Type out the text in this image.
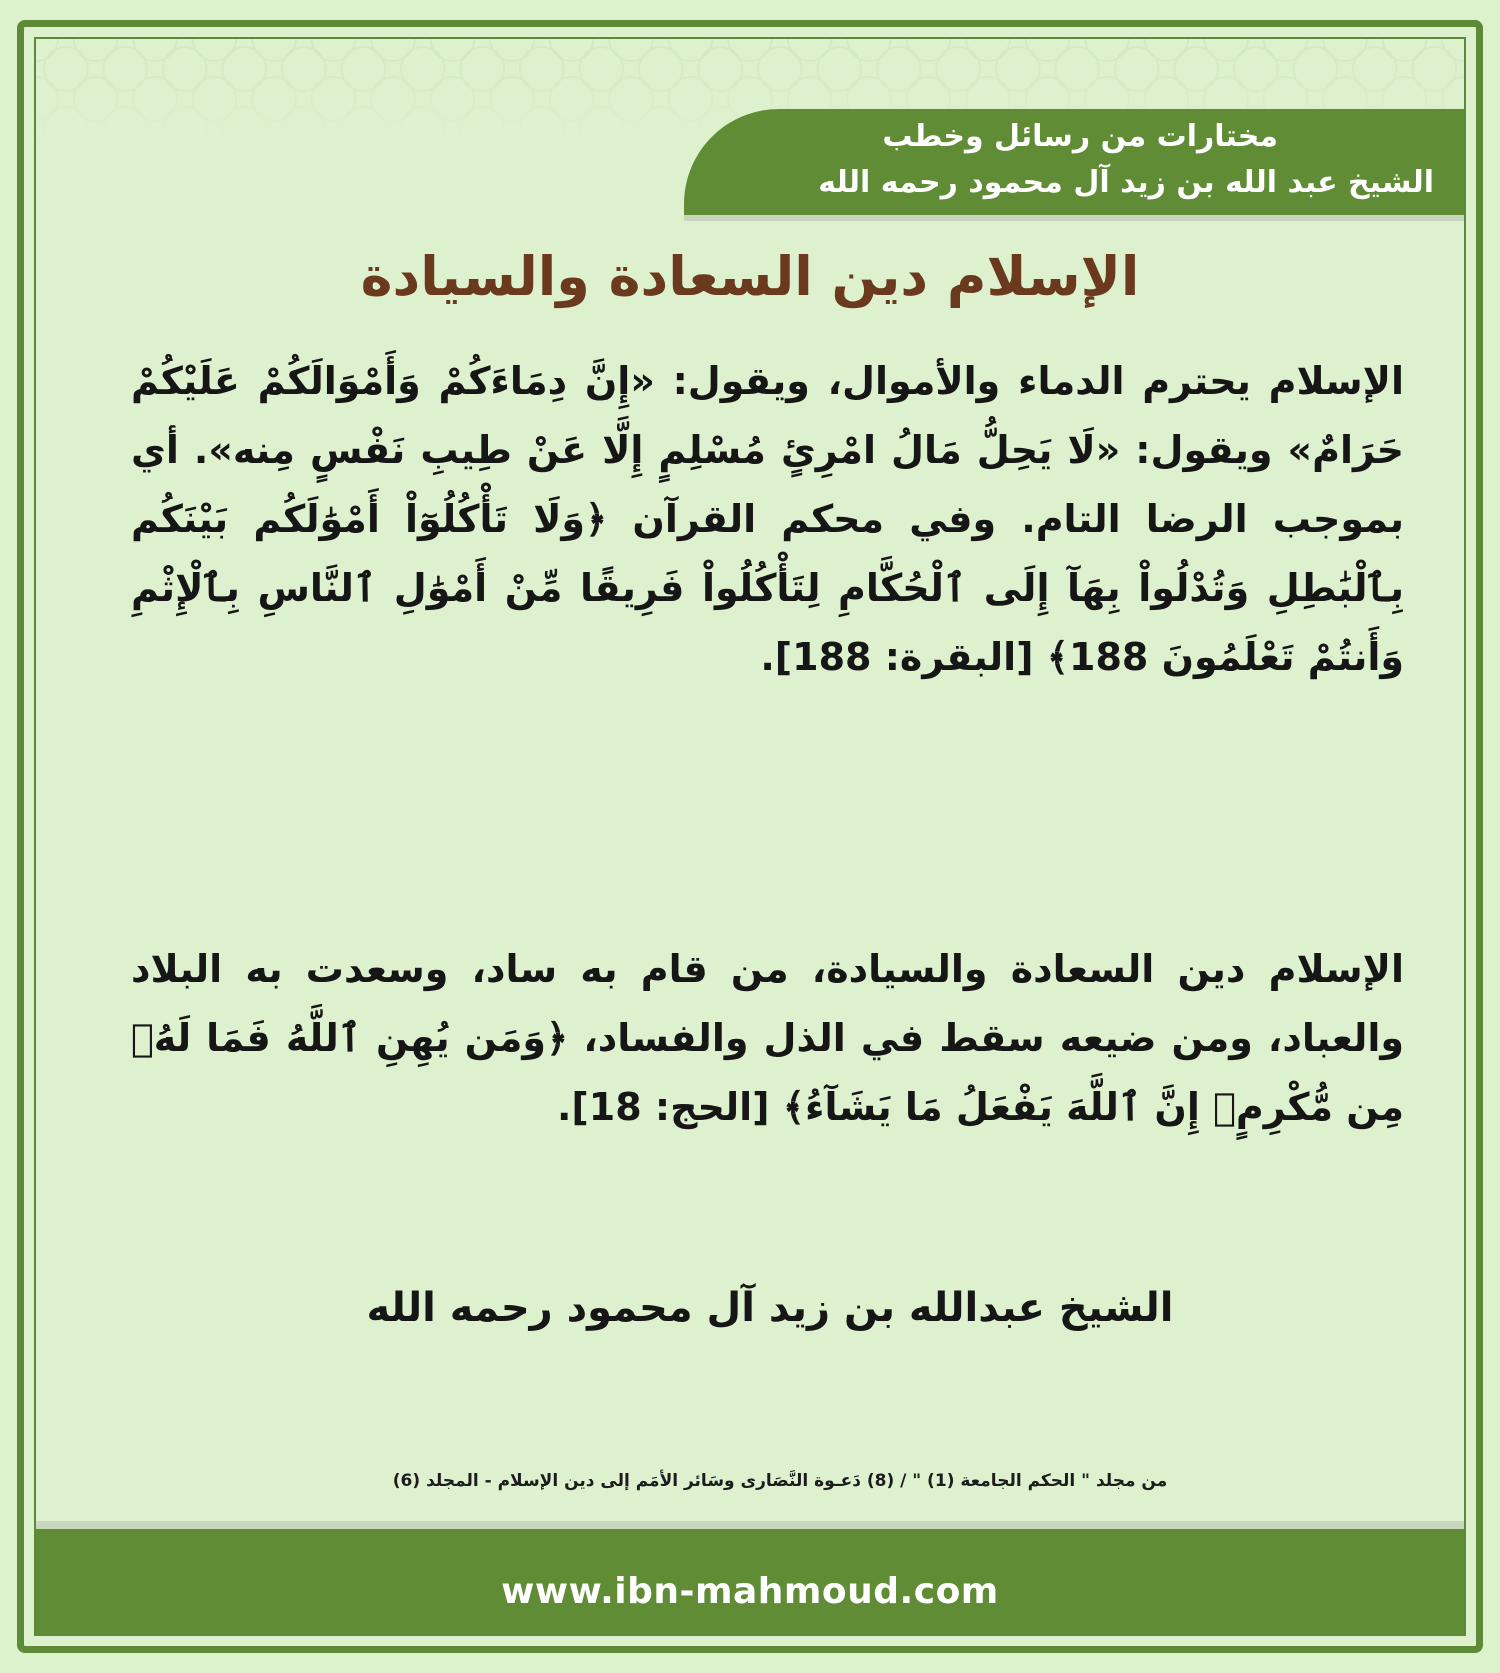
مختارات من رسائل وخطب
الشيخ عبد الله بن زيد آل محمود رحمه الله
الإسلام دين السعادة والسيادة
الإسلام يحترم الدماء والأموال، ويقول: «إِنَّ دِمَاءَكُمْ وَأَمْوَالَكُمْ عَلَيْكُمْ حَرَامٌ» ويقول: «لَا يَحِلُّ مَالُ امْرِئٍ مُسْلِمٍ إِلَّا عَنْ طِيبِ نَفْسٍ مِنه». أي بموجب الرضا التام. وفي محكم القرآن ﴿وَلَا تَأْكُلُوٓاْ أَمْوَٰلَكُم بَيْنَكُم بِٱلْبَٰطِلِ وَتُدْلُواْ بِهَآ إِلَى ٱلْحُكَّامِ لِتَأْكُلُواْ فَرِيقًا مِّنْ أَمْوَٰلِ ٱلنَّاسِ بِٱلْإِثْمِ وَأَنتُمْ تَعْلَمُونَ 188﴾ [البقرة: 188].
الإسلام دين السعادة والسيادة، من قام به ساد، وسعدت به البلاد والعباد، ومن ضيعه سقط في الذل والفساد، ﴿وَمَن يُهِنِ ٱللَّهُ فَمَا لَهُۥ مِن مُّكْرِمٍۚ إِنَّ ٱللَّهَ يَفْعَلُ مَا يَشَآءُ﴾ [الحج: 18].
الشيخ عبدالله بن زيد آل محمود رحمه الله
من مجلد " الحكم الجامعة (1) " / (8) دَعـوة النَّصَارى وسَائر الأمَم إلى دين الإسلام - المجلد (6)
www.ibn-mahmoud.com
